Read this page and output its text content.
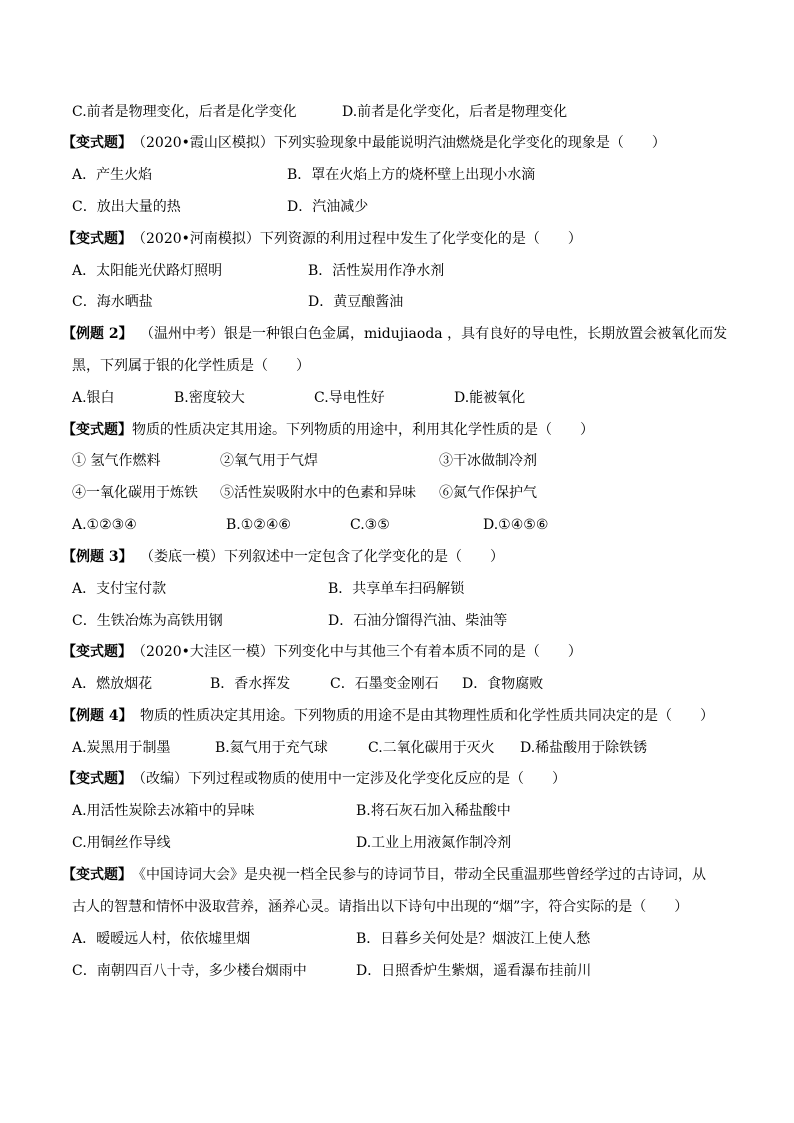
C.前者是物理变化，后者是化学变化	D.前者是化学变化，后者是物理变化
【变式题】 （2020•霞山区模拟）下列实验现象中最能说明汽油燃烧是化学变化的现象是（　　）
A．产生火焰	B．罩在火焰上方的烧杯壁上出现小水滴
C．放出大量的热	D．汽油减少
【变式题】 （2020•河南模拟）下列资源的利用过程中发生了化学变化的是（　　）
A．太阳能光伏路灯照明	B．活性炭用作净水剂
C．海水晒盐	D．黄豆酿酱油
【例题 2】 （温州中考）银是一种银白色金属，midujiaoda ，具有良好的导电性，长期放置会被氧化而发
黑，下列属于银的化学性质是（　　）
A.银白	B.密度较大	C.导电性好	D.能被氧化
【变式题】 物质的性质决定其用途。下列物质的用途中，利用其化学性质的是（　　）
① 氢气作燃料	②氧气用于气焊	③干冰做制冷剂
④一氧化碳用于炼铁 ⑤活性炭吸附水中的色素和异味 ⑥氮气作保护气
A.①②③④	B.①②④⑥	C.③⑤	D.①④⑤⑥
【例题 3】 （娄底一模）下列叙述中一定包含了化学变化的是（　　）
A．支付宝付款	B．共享单车扫码解锁
C．生铁冶炼为高铁用钢	D．石油分馏得汽油、柴油等
【变式题】 （2020•大洼区一模）下列变化中与其他三个有着本质不同的是（　　）
A．燃放烟花	B．香水挥发	C．石墨变金刚石 D．食物腐败
【例题 4】 物质的性质决定其用途。下列物质的用途不是由其物理性质和化学性质共同决定的是（　　）
A.炭黑用于制墨	B.氦气用于充气球	C.二氧化碳用于灭火 D.稀盐酸用于除铁锈
【变式题】 （改编）下列过程或物质的使用中一定涉及化学变化反应的是（　　）
A.用活性炭除去冰箱中的异味	B.将石灰石加入稀盐酸中
C.用铜丝作导线	D.工业上用液氮作制冷剂
【变式题】 《中国诗词大会》是央视一档全民参与的诗词节目，带动全民重温那些曾经学过的古诗词，从
古人的智慧和情怀中汲取营养，涵养心灵。请指出以下诗句中出现的“烟”字，符合实际的是（　　）
A．暧暧远人村，依依墟里烟	B．日暮乡关何处是？烟波江上使人愁
C．南朝四百八十寺，多少楼台烟雨中	D．日照香炉生紫烟，遥看瀑布挂前川
